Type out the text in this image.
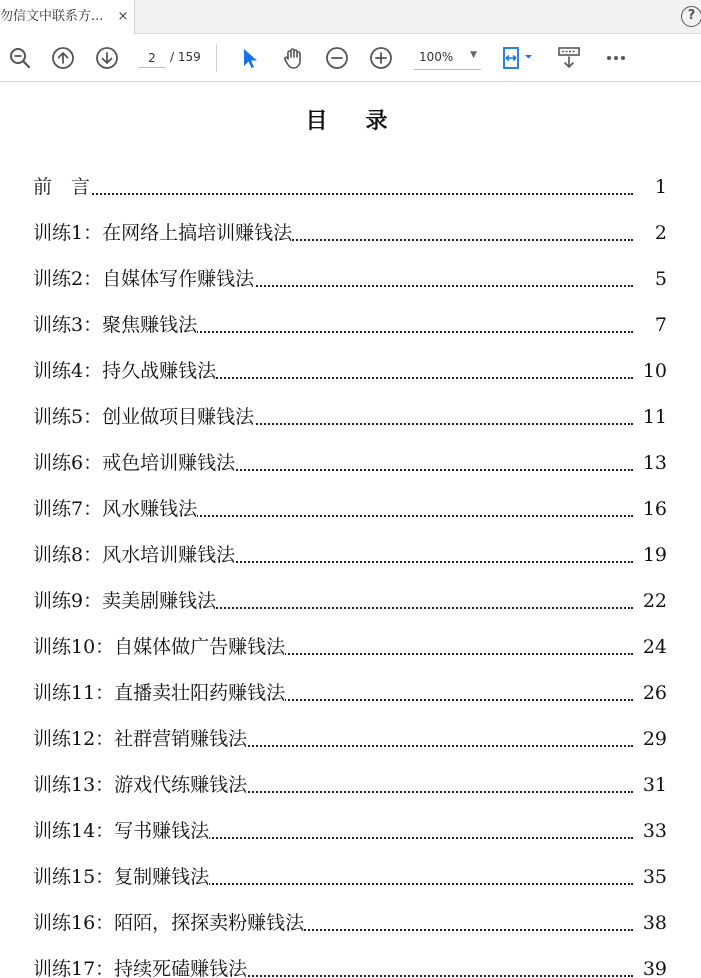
勿信文中联系方...	×	?
2
/ 159	100% ▼
目　录
前　言	1
训练1：在网络上搞培训赚钱法	2
训练2：自媒体写作赚钱法	5
训练3：聚焦赚钱法	7
训练4：持久战赚钱法	10
训练5：创业做项目赚钱法	11
训练6：戒色培训赚钱法	13
训练7：风水赚钱法	16
训练8：风水培训赚钱法	19
训练9：卖美剧赚钱法	22
训练10：自媒体做广告赚钱法	24
训练11：直播卖壮阳药赚钱法	26
训练12：社群营销赚钱法	29
训练13：游戏代练赚钱法	31
训练14：写书赚钱法	33
训练15：复制赚钱法	35
训练16：陌陌，探探卖粉赚钱法	38
训练17：持续死磕赚钱法	39
